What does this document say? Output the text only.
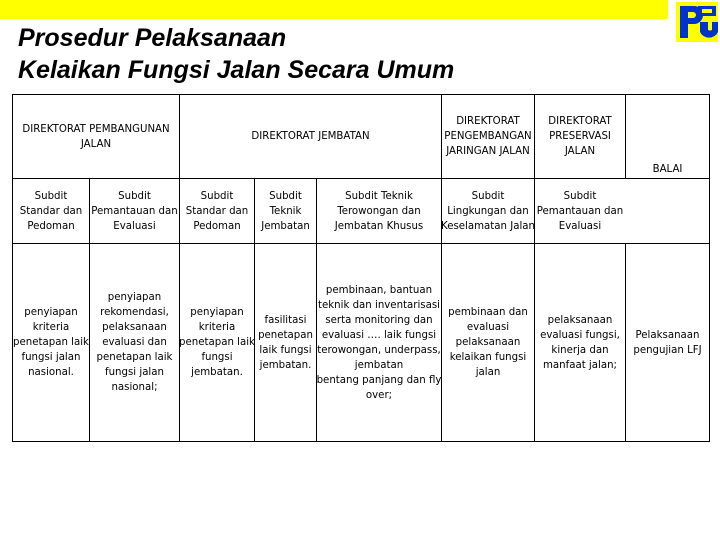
Prosedur Pelaksanaan
Kelaikan Fungsi Jalan Secara Umum
DIREKTORAT PEMBANGUNAN
JALAN
DIREKTORAT JEMBATAN
DIREKTORAT
PENGEMBANGAN
JARINGAN JALAN
DIREKTORAT
PRESERVASI
JALAN
BALAI
Subdit
Standar dan
Pedoman
Subdit
Pemantauan dan
Evaluasi
Subdit
Standar dan
Pedoman
Subdit
Teknik
Jembatan
Subdit Teknik
Terowongan dan
Jembatan Khusus
Subdit
Lingkungan dan
Keselamatan Jalan
Subdit
Pemantauan dan
Evaluasi
penyiapan
kriteria
penetapan laik
fungsi jalan
nasional.
penyiapan
rekomendasi,
pelaksanaan
evaluasi dan
penetapan laik
fungsi jalan
nasional;
penyiapan
kriteria
penetapan laik
fungsi
jembatan.
fasilitasi
penetapan
laik fungsi
jembatan.
pembinaan, bantuan
teknik dan inventarisasi
serta monitoring dan
evaluasi …. laik fungsi
terowongan, underpass,
jembatan
bentang panjang dan fly
over;
pembinaan dan
evaluasi
pelaksanaan
kelaikan fungsi
jalan
pelaksanaan
evaluasi fungsi,
kinerja dan
manfaat jalan;
Pelaksanaan
pengujian LFJ
